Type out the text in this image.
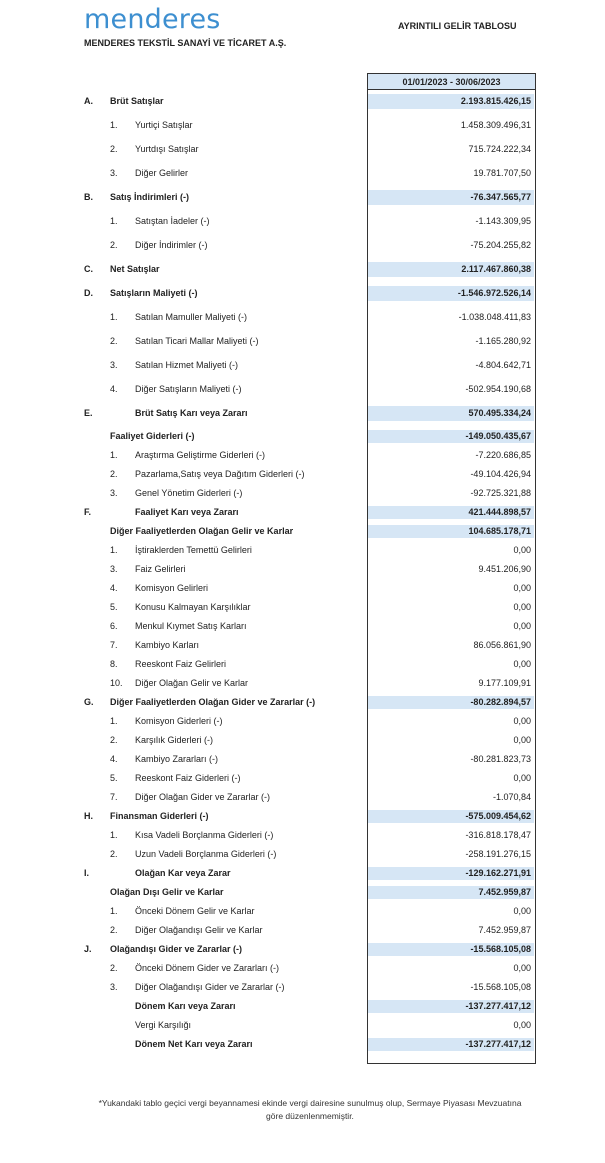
menderes
MENDERES TEKSTİL SANAYİ VE TİCARET A.Ş.
AYRINTILI GELİR TABLOSU
01/01/2023 - 30/06/2023
A. Brüt Satışlar	2.193.815.426,15
1. Yurtiçi Satışlar	1.458.309.496,31
2. Yurtdışı Satışlar	715.724.222,34
3. Diğer Gelirler	19.781.707,50
B. Satış İndirimleri (-)	-76.347.565,77
1. Satıştan İadeler (-)	-1.143.309,95
2. Diğer İndirimler (-)	-75.204.255,82
C. Net Satışlar	2.117.467.860,38
D. Satışların Maliyeti (-)	-1.546.972.526,14
1. Satılan Mamuller Maliyeti (-)	-1.038.048.411,83
2. Satılan Ticari Mallar Maliyeti (-)	-1.165.280,92
3. Satılan Hizmet Maliyeti (-)	-4.804.642,71
4. Diğer Satışların Maliyeti (-)	-502.954.190,68
E.	Brüt Satış Karı veya Zararı	570.495.334,24
Faaliyet Giderleri (-)	-149.050.435,67
1. Araştırma Geliştirme Giderleri (-)	-7.220.686,85
2. Pazarlama,Satış veya Dağıtım Giderleri (-)	-49.104.426,94
3. Genel Yönetim Giderleri (-)	-92.725.321,88
F.	Faaliyet Karı veya Zararı	421.444.898,57
Diğer Faaliyetlerden Olağan Gelir ve Karlar	104.685.178,71
1. İştiraklerden Temettü Gelirleri	0,00
3. Faiz Gelirleri	9.451.206,90
4. Komisyon Gelirleri	0,00
5. Konusu Kalmayan Karşılıklar	0,00
6. Menkul Kıymet Satış Karları	0,00
7. Kambiyo Karları	86.056.861,90
8. Reeskont Faiz Gelirleri	0,00
10. Diğer Olağan Gelir ve Karlar	9.177.109,91
G. Diğer Faaliyetlerden Olağan Gider ve Zararlar (-)	-80.282.894,57
1. Komisyon Giderleri (-)	0,00
2. Karşılık Giderleri (-)	0,00
4. Kambiyo Zararları (-)	-80.281.823,73
5. Reeskont Faiz Giderleri (-)	0,00
7. Diğer Olağan Gider ve Zararlar (-)	-1.070,84
H. Finansman Giderleri (-)	-575.009.454,62
1. Kısa Vadeli Borçlanma Giderleri (-)	-316.818.178,47
2. Uzun Vadeli Borçlanma Giderleri (-)	-258.191.276,15
I.	Olağan Kar veya Zarar	-129.162.271,91
Olağan Dışı Gelir ve Karlar	7.452.959,87
1. Önceki Dönem Gelir ve Karlar	0,00
2. Diğer Olağandışı Gelir ve Karlar	7.452.959,87
J. Olağandışı Gider ve Zararlar (-)	-15.568.105,08
2. Önceki Dönem Gider ve Zararları (-)	0,00
3. Diğer Olağandışı Gider ve Zararlar (-)	-15.568.105,08
Dönem Karı veya Zararı	-137.277.417,12
Vergi Karşılığı	0,00
Dönem Net Karı veya Zararı	-137.277.417,12
*Yukandaki tablo geçici vergi beyannamesi ekinde vergi dairesine sunulmuş olup, Sermaye Piyasası Mevzuatına göre düzenlenmemiştir.
